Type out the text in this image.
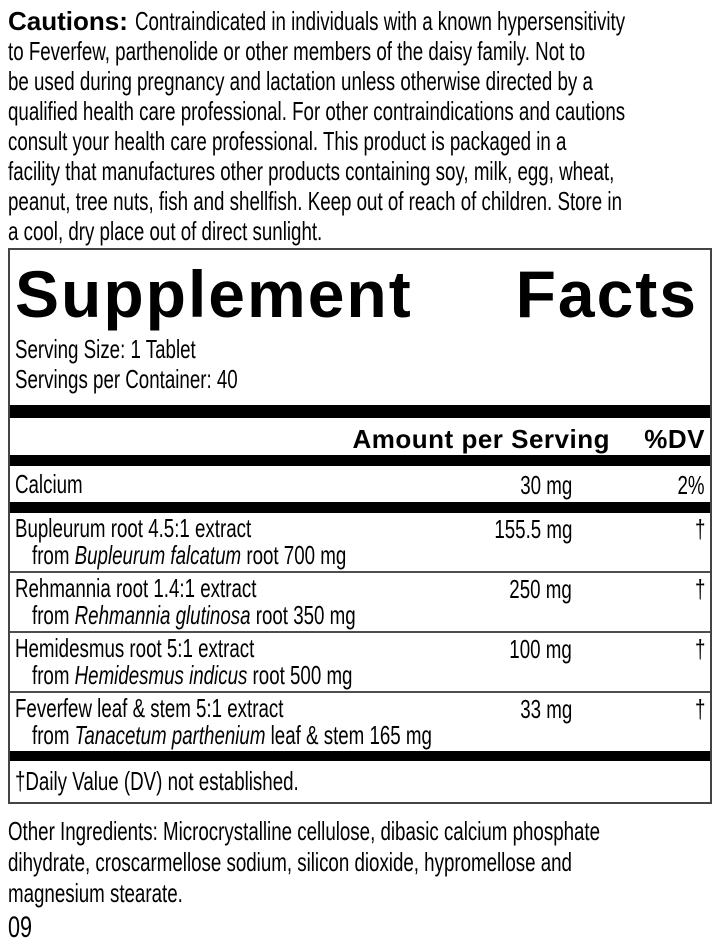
Cautions: Contraindicated in individuals with a known hypersensitivity
to Feverfew, parthenolide or other members of the daisy family. Not to
be used during pregnancy and lactation unless otherwise directed by a
qualified health care professional. For other contraindications and cautions
consult your health care professional. This product is packaged in a
facility that manufactures other products containing soy, milk, egg, wheat,
peanut, tree nuts, fish and shellfish. Keep out of reach of children. Store in
a cool, dry place out of direct sunlight.

Supplement Facts
Serving Size: 1 Tablet
Servings per Container: 40
Amount per Serving %DV
Calcium	30 mg	2%
Bupleurum root 4.5:1 extract
from Bupleurum falcatum root 700 mg
155.5 mg	†
Rehmannia root 1.4:1 extract
from Rehmannia glutinosa root 350 mg
250 mg	†
Hemidesmus root 5:1 extract
from Hemidesmus indicus root 500 mg
100 mg	†
Feverfew leaf & stem 5:1 extract
from Tanacetum parthenium leaf & stem 165 mg
33 mg	†
†Daily Value (DV) not established.

Other Ingredients: Microcrystalline cellulose, dibasic calcium phosphate
dihydrate, croscarmellose sodium, silicon dioxide, hypromellose and
magnesium stearate.

09
